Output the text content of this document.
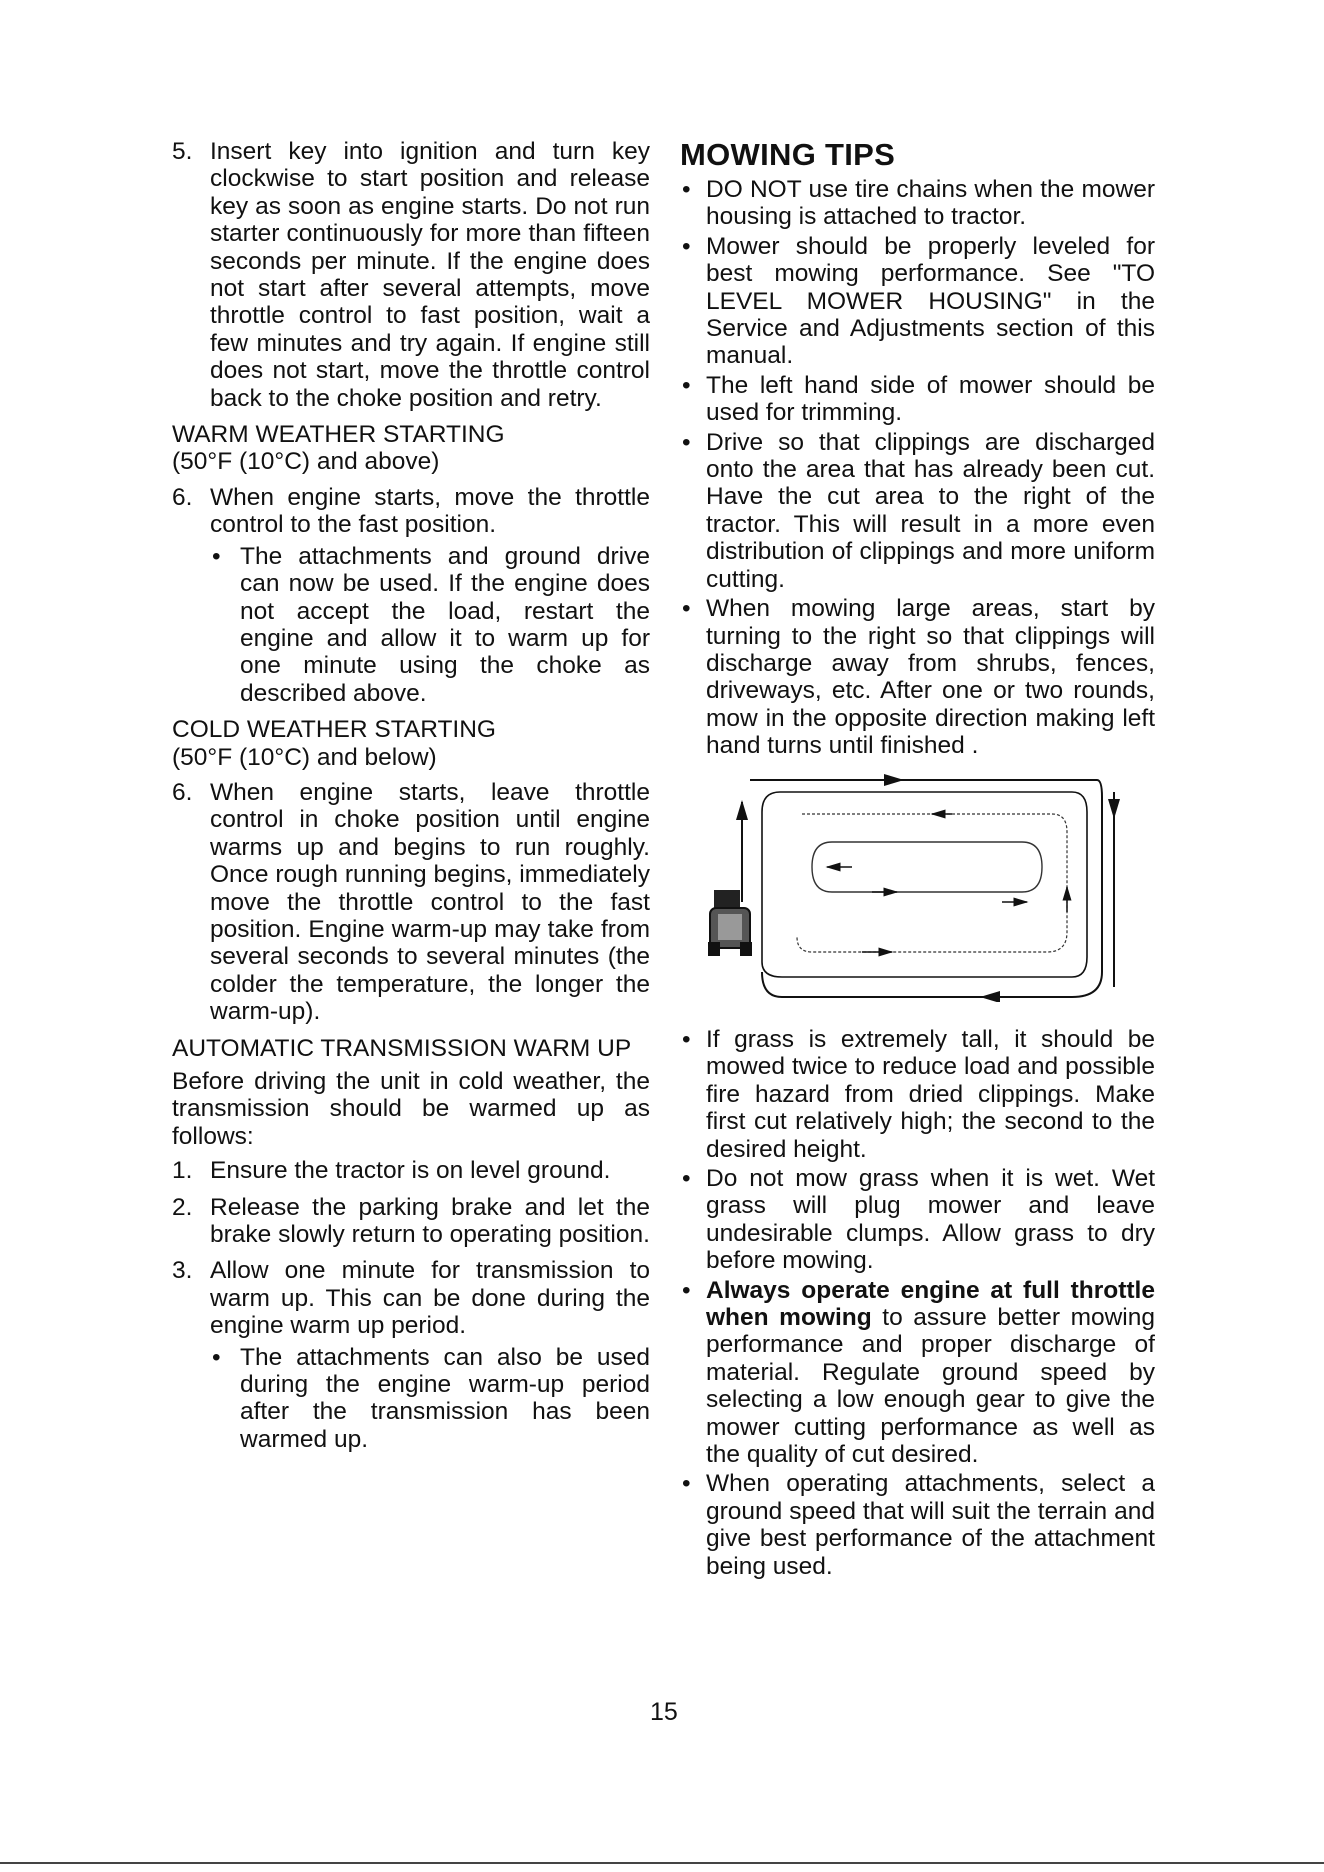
5. Insert key into ignition and turn key clockwise to start position and release key as soon as engine starts. Do not run starter continuously for more than fifteen seconds per minute. If the engine does not start after several attempts, move throttle control to fast position, wait a few minutes and try again. If engine still does not start, move the throttle control back to the choke position and retry.

WARM WEATHER STARTING

(50°F (10°C) and above)

6. When engine starts, move the throttle control to the fast position.
• The attachments and ground drive can now be used. If the engine does not accept the load, restart the engine and allow it to warm up for one minute using the choke as described above.

COLD WEATHER STARTING

(50°F (10°C) and below)

6. When engine starts, leave throttle control in choke position until engine warms up and begins to run roughly. Once rough running begins, immediately move the throttle control to the fast position. Engine warm-up may take from several seconds to several minutes (the colder the temperature, the longer the warm-up).

AUTOMATIC TRANSMISSION WARM UP

Before driving the unit in cold weather, the transmission should be warmed up as follows:

1. Ensure the tractor is on level ground.
2. Release the parking brake and let the brake slowly return to operating position.
3. Allow one minute for transmission to warm up. This can be done during the engine warm up period.
• The attachments can also be used during the engine warm-up period after the transmission has been warmed up.
MOWING TIPS
• DO NOT use tire chains when the mower housing is attached to tractor.
• Mower should be properly leveled for best mowing performance. See "TO LEVEL MOWER HOUSING" in the Service and Adjustments section of this manual.
• The left hand side of mower should be used for trimming.
• Drive so that clippings are discharged onto the area that has already been cut. Have the cut area to the right of the tractor. This will result in a more even distribution of clippings and more uniform cutting.
• When mowing large areas, start by turning to the right so that clippings will discharge away from shrubs, fences, driveways, etc. After one or two rounds, mow in the opposite direction making left hand turns until finished .
• If grass is extremely tall, it should be mowed twice to reduce load and possible fire hazard from dried clippings. Make first cut relatively high; the second to the desired height.
• Do not mow grass when it is wet. Wet grass will plug mower and leave undesirable clumps. Allow grass to dry before mowing.
• Always operate engine at full throttle when mowing to assure better mowing performance and proper discharge of material. Regulate ground speed by selecting a low enough gear to give the mower cutting performance as well as the quality of cut desired.
• When operating attachments, select a ground speed that will suit the terrain and give best performance of the attachment being used.
15
